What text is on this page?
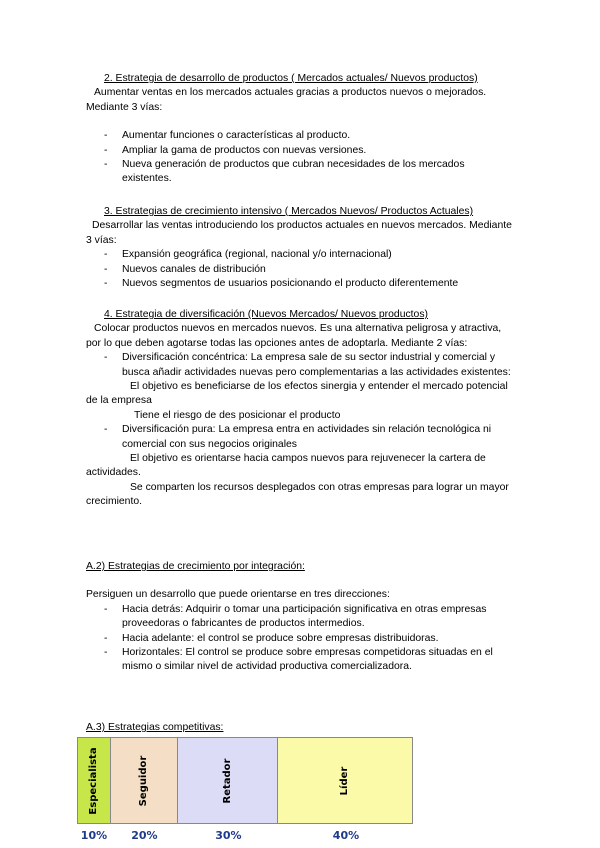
2. Estrategia de desarrollo de productos ( Mercados actuales/ Nuevos productos)

Aumentar ventas en los mercados actuales gracias a productos nuevos o mejorados. Mediante 3 vías:

- Aumentar funciones o características al producto.
- Ampliar la gama de productos con nuevas versiones.
- Nueva generación de productos que cubran necesidades de los mercados existentes.

3. Estrategias de crecimiento intensivo ( Mercados Nuevos/ Productos Actuales)

Desarrollar las ventas introduciendo los productos actuales en nuevos mercados. Mediante 3 vías:

- Expansión geográfica (regional, nacional y/o internacional)
- Nuevos canales de distribución
- Nuevos segmentos de usuarios posicionando el producto diferentemente

4. Estrategia de diversificación (Nuevos Mercados/ Nuevos productos)

Colocar productos nuevos en mercados nuevos. Es una alternativa peligrosa y atractiva, por lo que deben agotarse todas las opciones antes de adoptarla. Mediante 2 vías:

- Diversificación concéntrica: La empresa sale de su sector industrial y comercial y busca añadir actividades nuevas pero complementarias a las actividades existentes:

El objetivo es beneficiarse de los efectos sinergia y entender el mercado potencial de la empresa

Tiene el riesgo de des posicionar el producto

- Diversificación pura: La empresa entra en actividades sin relación tecnológica ni comercial con sus negocios originales

El objetivo es orientarse hacia campos nuevos para rejuvenecer la cartera de actividades.

Se comparten los recursos desplegados con otras empresas para lograr un mayor crecimiento.

A.2) Estrategias de crecimiento por integración:

Persiguen un desarrollo que puede orientarse en tres direcciones:

- Hacia detrás: Adquirir o tomar una participación significativa en otras empresas proveedoras o fabricantes de productos intermedios.
- Hacia adelante: el control se produce sobre empresas distribuidoras.
- Horizontales: El control se produce sobre empresas competidoras situadas en el mismo o similar nivel de actividad productiva comercializadora.

A.3) Estrategias competitivas:

Especialista	Seguidor	Retador	Líder
10% 20%	30%	40%
